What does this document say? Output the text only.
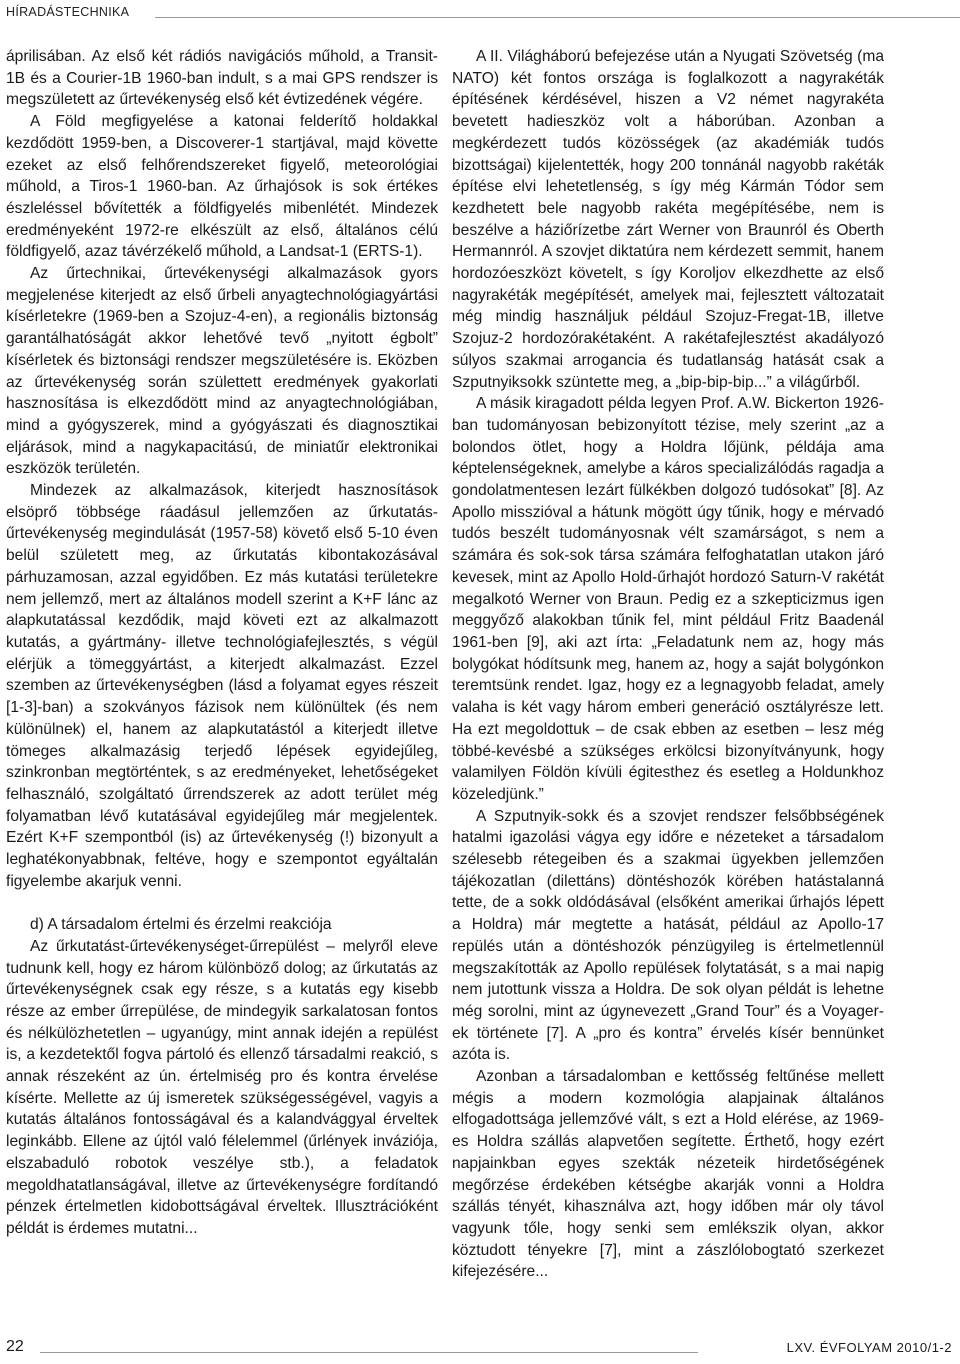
HÍRADÁSTECHNIKA

áprilisában. Az első két rádiós navigációs műhold, a Transit-1B és a Courier-1B 1960-ban indult, s a mai GPS rendszer is megszületett az űrtevékenység első két évtizedének végére.

A Föld megfigyelése a katonai felderítő holdakkal kezdődött 1959-ben, a Discoverer-1 startjával, majd követte ezeket az első felhőrendszereket figyelő, meteorológiai műhold, a Tiros-1 1960-ban. Az űrhajósok is sok értékes észleléssel bővítették a földfigyelés mibenlétét. Mindezek eredményeként 1972-re elkészült az első, általános célú földfigyelő, azaz távérzékelő műhold, a Landsat-1 (ERTS-1).

Az űrtechnikai, űrtevékenységi alkalmazások gyors megjelenése kiterjedt az első űrbeli anyagtechnológiagyártási kísérletekre (1969-ben a Szojuz-4-en), a regionális biztonság garantálhatóságát akkor lehetővé tevő „nyitott égbolt” kísérletek és biztonsági rendszer megszületésére is. Eközben az űrtevékenység során születtett eredmények gyakorlati hasznosítása is elkezdődött mind az anyagtechnológiában, mind a gyógyszerek, mind a gyógyászati és diagnosztikai eljárások, mind a nagykapacitású, de miniatűr elektronikai eszközök területén.

Mindezek az alkalmazások, kiterjedt hasznosítások elsöprő többsége ráadásul jellemzően az űrkutatás-űrtevékenység megindulását (1957-58) követő első 5-10 éven belül született meg, az űrkutatás kibontakozásával párhuzamosan, azzal egyidőben. Ez más kutatási területekre nem jellemző, mert az általános modell szerint a K+F lánc az alapkutatással kezdődik, majd követi ezt az alkalmazott kutatás, a gyártmány- illetve technológiafejlesztés, s végül elérjük a tömeggyártást, a kiterjedt alkalmazást. Ezzel szemben az űrtevékenységben (lásd a folyamat egyes részeit [1-3]-ban) a szokványos fázisok nem különültek (és nem különülnek) el, hanem az alapkutatástól a kiterjedt illetve tömeges alkalmazásig terjedő lépések egyidejűleg, szinkronban megtörténtek, s az eredményeket, lehetőségeket felhasználó, szolgáltató űrrendszerek az adott terület még folyamatban lévő kutatásával egyidejűleg már megjelentek. Ezért K+F szempontból (is) az űrtevékenység (!) bizonyult a leghatékonyabbnak, feltéve, hogy e szempontot egyáltalán figyelembe akarjuk venni.

d) A társadalom értelmi és érzelmi reakciója

Az űrkutatást-űrtevékenységet-űrrepülést – melyről eleve tudnunk kell, hogy ez három különböző dolog; az űrkutatás az űrtevékenységnek csak egy része, s a kutatás egy kisebb része az ember űrrepülése, de mindegyik sarkalatosan fontos és nélkülözhetetlen – ugyanúgy, mint annak idején a repülést is, a kezdetektől fogva pártoló és ellenző társadalmi reakció, s annak részeként az ún. értelmiség pro és kontra érvelése kísérte. Mellette az új ismeretek szükségességével, vagyis a kutatás általános fontosságával és a kalandvággyal érveltek leginkább. Ellene az újtól való félelemmel (űrlények inváziója, elszabaduló robotok veszélye stb.), a feladatok megoldhatatlanságával, illetve az űrtevékenységre fordítandó pénzek értelmetlen kidobottságával érveltek. Illusztrációként példát is érdemes mutatni...

A II. Világháború befejezése után a Nyugati Szövetség (ma NATO) két fontos országa is foglalkozott a nagyrakéták építésének kérdésével, hiszen a V2 német nagyrakéta bevetett hadieszköz volt a háborúban. Azonban a megkérdezett tudós közösségek (az akadémiák tudós bizottságai) kijelentették, hogy 200 tonnánál nagyobb rakéták építése elvi lehetetlenség, s így még Kármán Tódor sem kezdhetett bele nagyobb rakéta megépítésébe, nem is beszélve a háziőrízetbe zárt Werner von Braunról és Oberth Hermannról. A szovjet diktatúra nem kérdezett semmit, hanem hordozóeszközt követelt, s így Koroljov elkezdhette az első nagyrakéták megépítését, amelyek mai, fejlesztett változatait még mindig használjuk például Szojuz-Fregat-1B, illetve Szojuz-2 hordozórakétaként. A rakétafejlesztést akadályozó súlyos szakmai arrogancia és tudatlanság hatását csak a Szputnyiksokk szüntette meg, a „bip-bip-bip...” a világűrből.

A másik kiragadott példa legyen Prof. A.W. Bickerton 1926-ban tudományosan bebizonyított tézise, mely szerint „az a bolondos ötlet, hogy a Holdra lőjünk, példája ama képtelenségeknek, amelybe a káros specializálódás ragadja a gondolatmentesen lezárt fülkékben dolgozó tudósokat” [8]. Az Apollo misszióval a hátunk mögött úgy tűnik, hogy e mérvadó tudós beszélt tudományosnak vélt szamárságot, s nem a számára és sok-sok társa számára felfoghatatlan utakon járó kevesek, mint az Apollo Hold-űrhajót hordozó Saturn-V rakétát megalkotó Werner von Braun. Pedig ez a szkepticizmus igen meggyőző alakokban tűnik fel, mint például Fritz Baadenál 1961-ben [9], aki azt írta: „Feladatunk nem az, hogy más bolygókat hódítsunk meg, hanem az, hogy a saját bolygónkon teremtsünk rendet. Igaz, hogy ez a legnagyobb feladat, amely valaha is két vagy három emberi generáció osztályrésze lett. Ha ezt megoldottuk – de csak ebben az esetben – lesz még többé-kevésbé a szükséges erkölcsi bizonyítványunk, hogy valamilyen Földön kívüli égitesthez és esetleg a Holdunkhoz közeledjünk.”

A Szputnyik-sokk és a szovjet rendszer felsőbbségének hatalmi igazolási vágya egy időre e nézeteket a társadalom szélesebb rétegeiben és a szakmai ügyekben jellemzően tájékozatlan (dilettáns) döntéshozók körében hatástalanná tette, de a sokk oldódásával (elsőként amerikai űrhajós lépett a Holdra) már megtette a hatását, például az Apollo-17 repülés után a döntéshozók pénzügyileg is értelmetlennül megszakították az Apollo repülések folytatását, s a mai napig nem jutottunk vissza a Holdra. De sok olyan példát is lehetne még sorolni, mint az úgynevezett „Grand Tour” és a Voyager-ek története [7]. A „pro és kontra” érvelés kísér bennünket azóta is.

Azonban a társadalomban e kettősség feltűnése mellett mégis a modern kozmológia alapjainak általános elfogadottsága jellemzővé vált, s ezt a Hold elérése, az 1969-es Holdra szállás alapvetően segítette. Érthető, hogy ezért napjainkban egyes szekták nézeteik hirdetőségének megőrzése érdekében kétségbe akarják vonni a Holdra szállás tényét, kihasználva azt, hogy időben már oly távol vagyunk tőle, hogy senki sem emlékszik olyan, akkor köztudott tényekre [7], mint a zászlólobogtató szerkezet kifejezésére...

22	LXV. ÉVFOLYAM 2010/1-2
